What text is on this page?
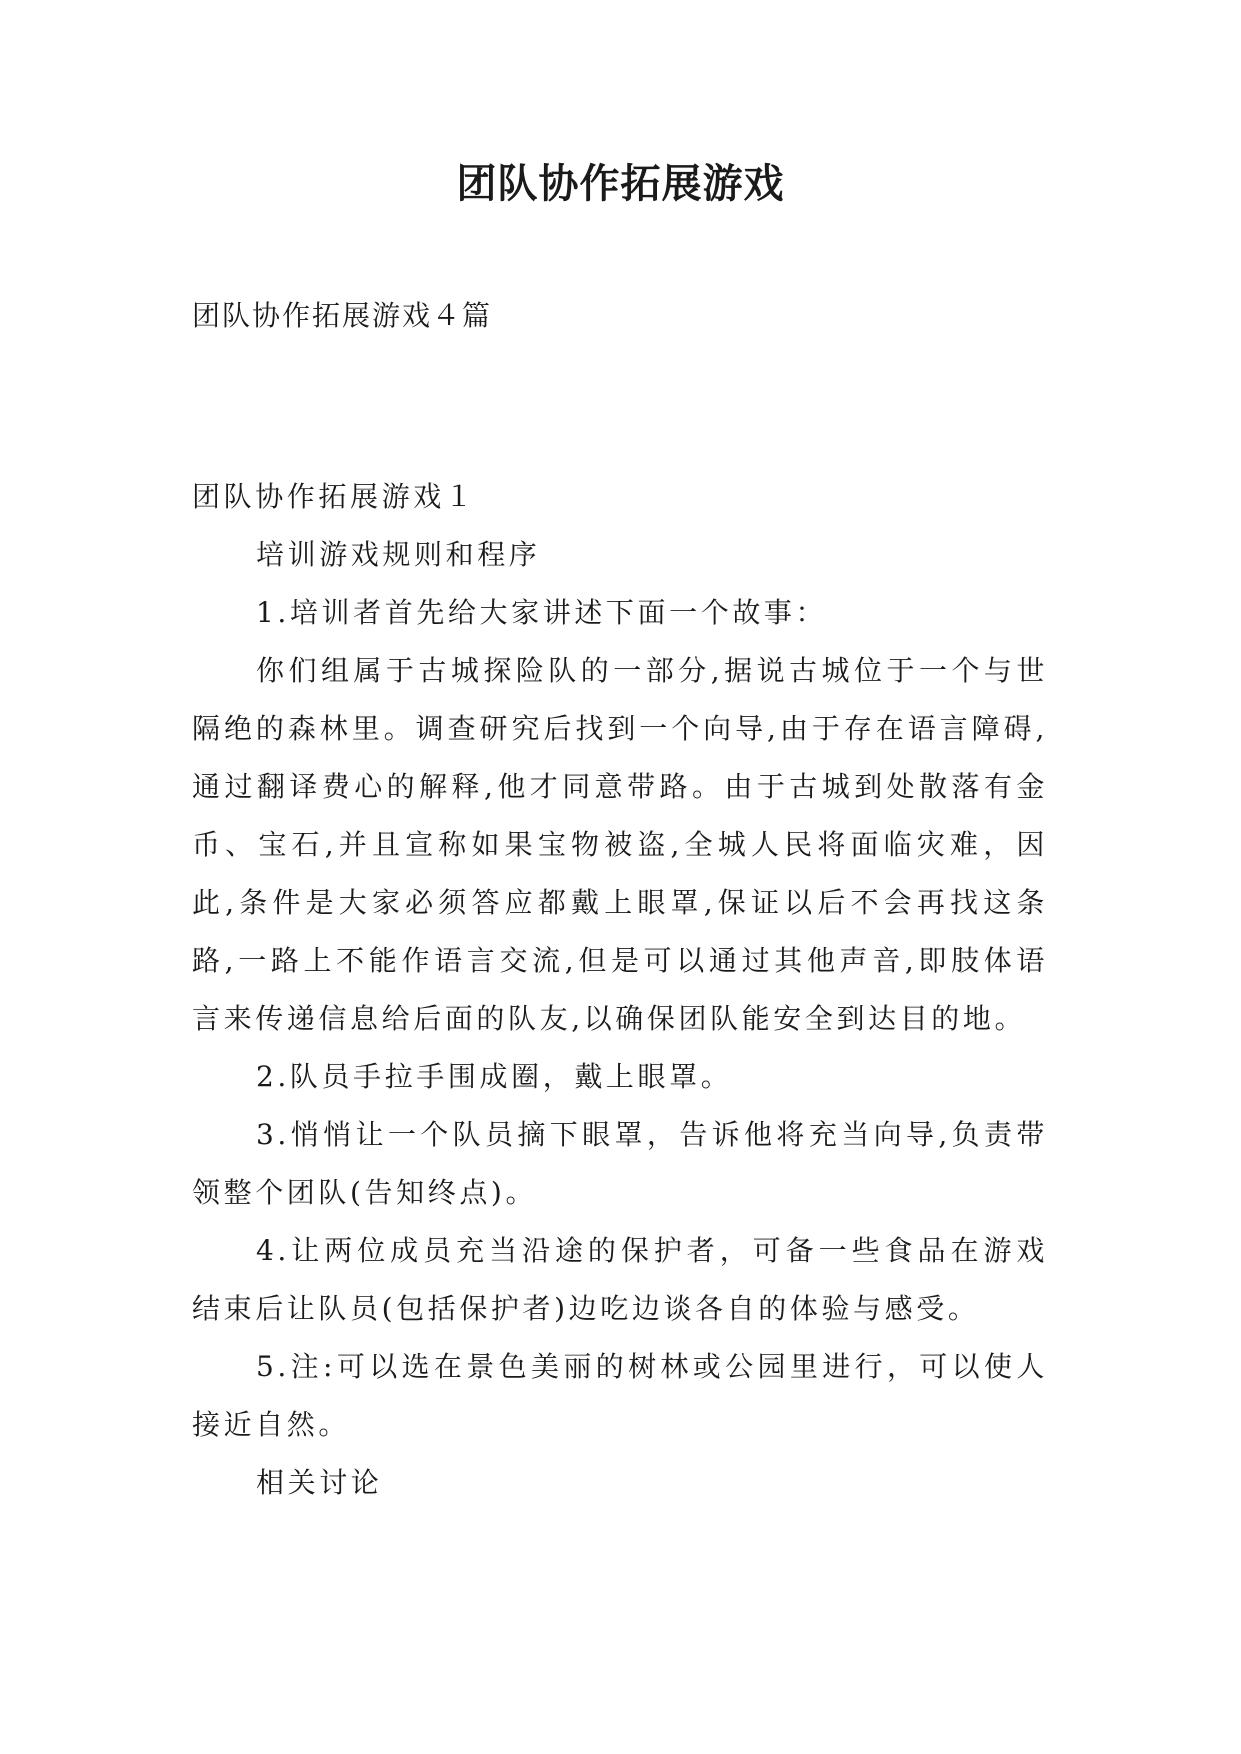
团队协作拓展游戏

团队协作拓展游戏４篇

团队协作拓展游戏１

培训游戏规则和程序

1.培训者首先给大家讲述下面一个故事：

你们组属于古城探险队的一部分,据说古城位于一个与世隔绝的森林里。调查研究后找到一个向导,由于存在语言障碍,通过翻译费心的解释,他才同意带路。由于古城到处散落有金币、宝石,并且宣称如果宝物被盗,全城人民将面临灾难，因此,条件是大家必须答应都戴上眼罩,保证以后不会再找这条路,一路上不能作语言交流,但是可以通过其他声音,即肢体语言来传递信息给后面的队友,以确保团队能安全到达目的地。

2.队员手拉手围成圈，戴上眼罩。

3.悄悄让一个队员摘下眼罩，告诉他将充当向导,负责带领整个团队(告知终点)。

4.让两位成员充当沿途的保护者，可备一些食品在游戏结束后让队员(包括保护者)边吃边谈各自的体验与感受。

5.注:可以选在景色美丽的树林或公园里进行，可以使人接近自然。

相关讨论
